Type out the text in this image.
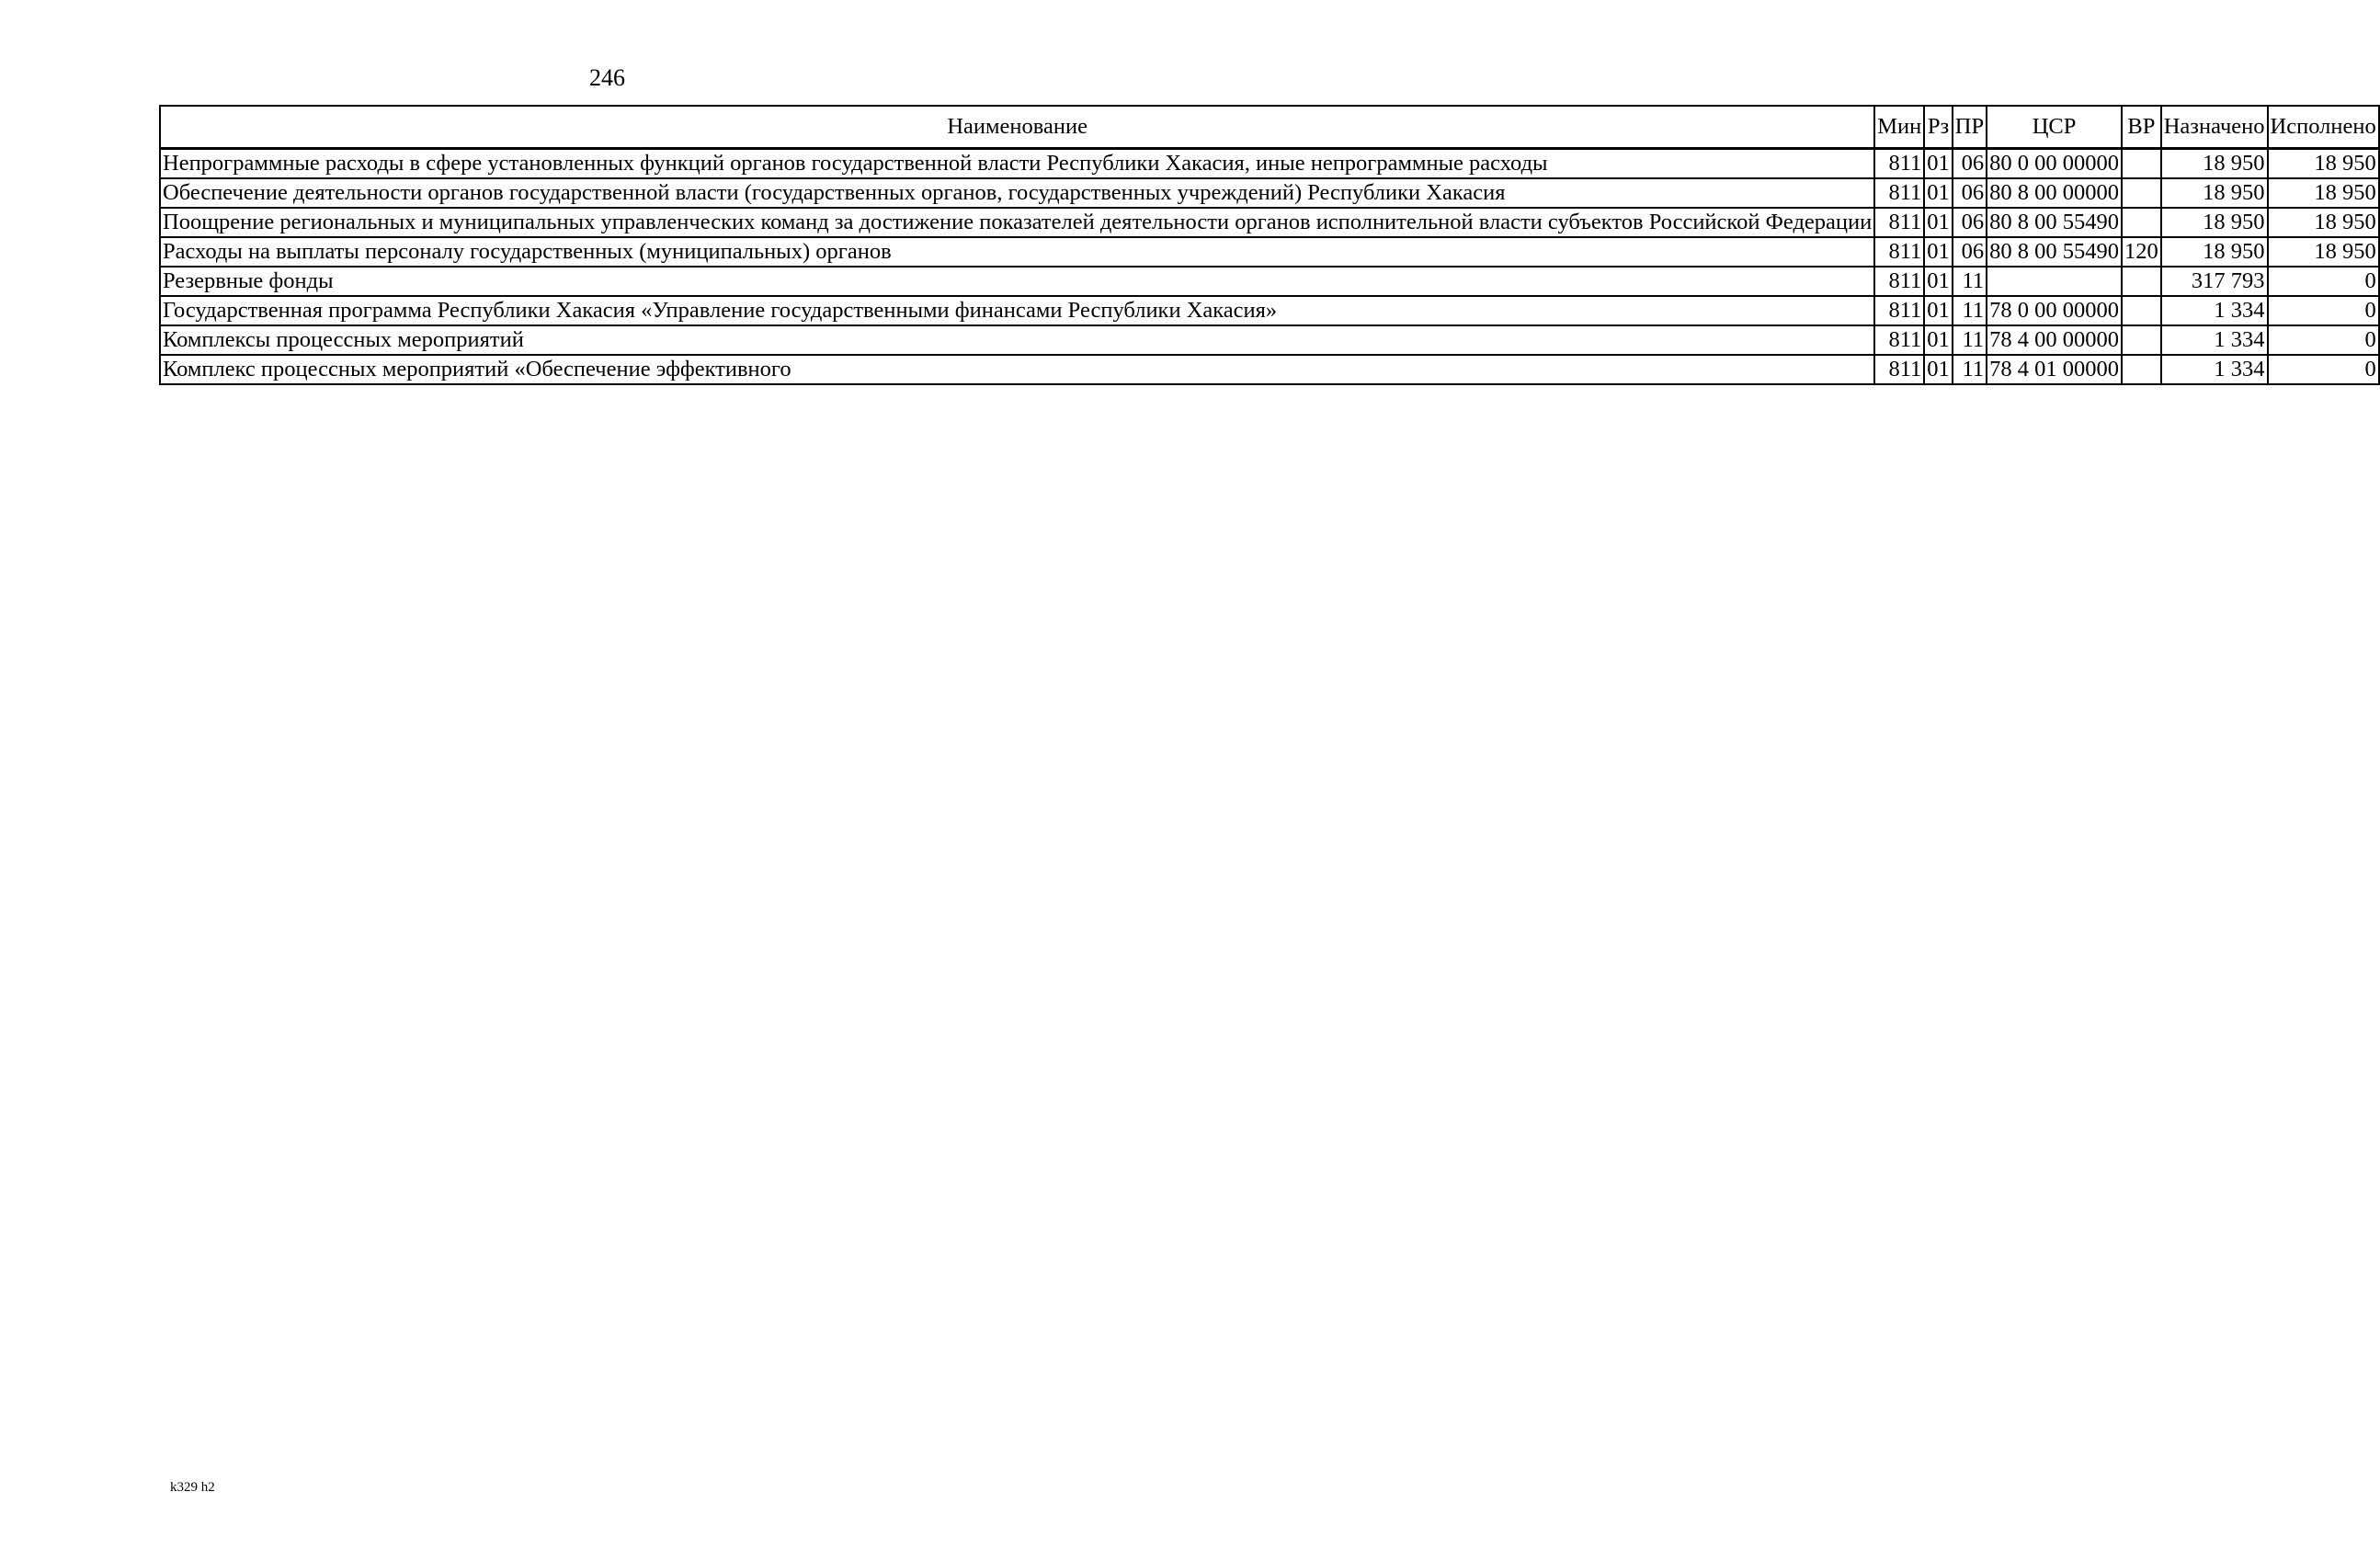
246
Наименование	Мин	Рз	ПР	ЦСР	ВР	Назначено	Исполнено
Непрограммные расходы в сфере установленных функций органов государственной власти Республики Хакасия, иные непрограммные расходы	811	01	06	80 0 00 00000		18 950	18 950
Обеспечение деятельности органов государственной власти (государственных органов, государственных учреждений) Республики Хакасия	811	01	06	80 8 00 00000		18 950	18 950
Поощрение региональных и муниципальных управленческих команд за достижение показателей деятельности органов исполнительной власти субъектов Российской Федерации	811	01	06	80 8 00 55490		18 950	18 950
Расходы на выплаты персоналу государственных (муниципальных) органов	811	01	06	80 8 00 55490	120	18 950	18 950
Резервные фонды	811	01	11			317 793	0
Государственная программа Республики Хакасия «Управление государственными финансами Республики Хакасия»	811	01	11	78 0 00 00000		1 334	0
Комплексы процессных мероприятий	811	01	11	78 4 00 00000		1 334	0
Комплекс процессных мероприятий «Обеспечение эффективного	811	01	11	78 4 01 00000		1 334	0
k329 h2
